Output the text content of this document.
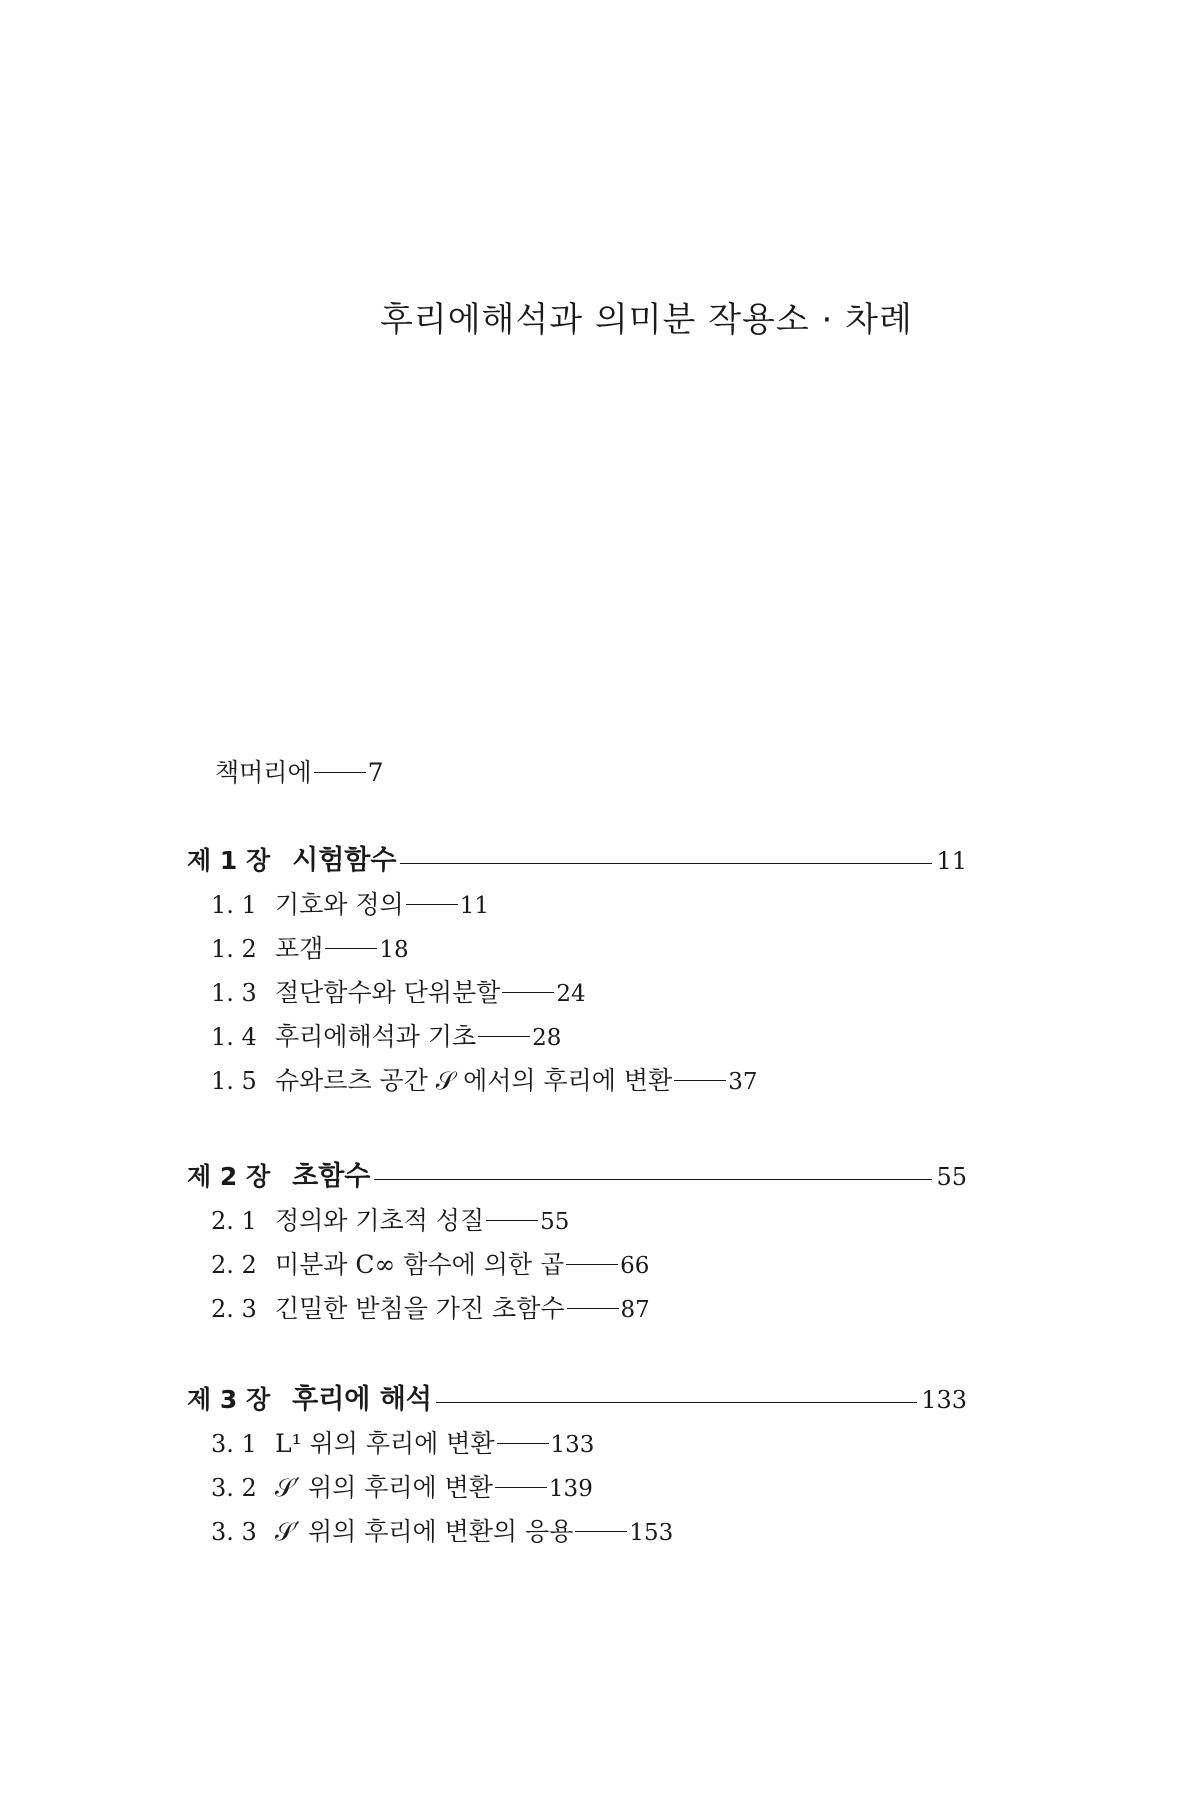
후리에해석과 의미분 작용소 · 차례
책머리에 7
제 1 장 시험함수	11
1. 1 기호와 정의 11
1. 2 포갬 18
1. 3 절단함수와 단위분할 24
1. 4 후리에해석과 기초 28
1. 5 슈와르츠 공간 𝒮 에서의 후리에 변환 37
제 2 장 초함수	55
2. 1 정의와 기초적 성질 55
2. 2 미분과 C∞ 함수에 의한 곱 66
2. 3 긴밀한 받침을 가진 초함수 87
제 3 장 후리에 해석	133
3. 1 L¹ 위의 후리에 변환 133
3. 2 𝒮′ 위의 후리에 변환 139
3. 3 𝒮′ 위의 후리에 변환의 응용 153
